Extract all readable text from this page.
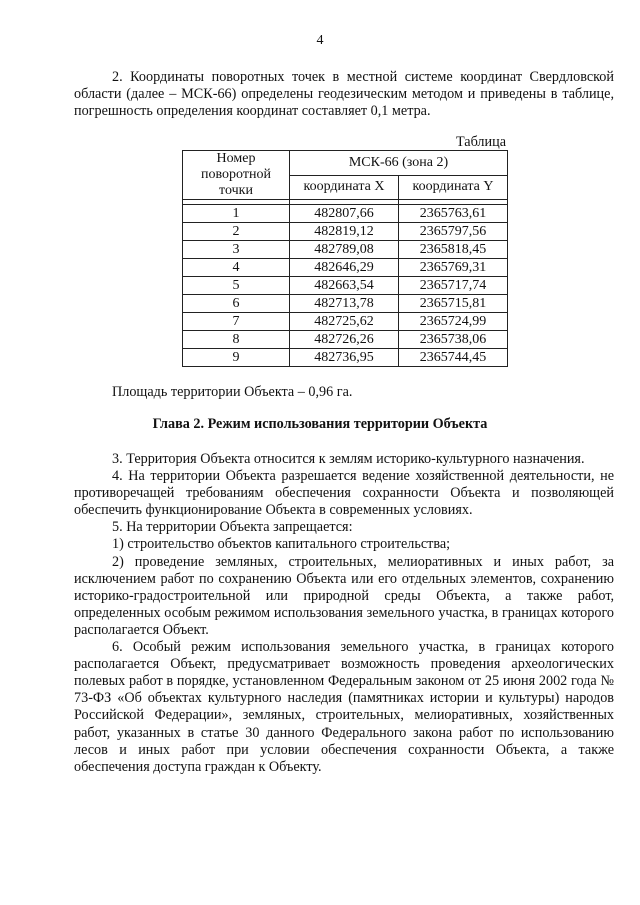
4

2. Координаты поворотных точек в местной системе координат Свердловской области (далее – МСК-66) определены геодезическим методом и приведены в таблице, погрешность определения координат составляет 0,1 метра.

Таблица
Номер поворотной точки	МСК-66 (зона 2)	
	координата X	координата Y

1	482807,66	2365763,61
2	482819,12	2365797,56
3	482789,08	2365818,45
4	482646,29	2365769,31
5	482663,54	2365717,74
6	482713,78	2365715,81
7	482725,62	2365724,99
8	482726,26	2365738,06
9	482736,95	2365744,45
Площадь территории Объекта – 0,96 га.
Глава 2. Режим использования территории Объекта

3. Территория Объекта относится к землям историко-культурного назначения.

4. На территории Объекта разрешается ведение хозяйственной деятельности, не противоречащей требованиям обеспечения сохранности Объекта и позволяющей обеспечить функционирование Объекта в современных условиях.

5. На территории Объекта запрещается:

1) строительство объектов капитального строительства;

2) проведение земляных, строительных, мелиоративных и иных работ, за исключением работ по сохранению Объекта или его отдельных элементов, сохранению историко-градостроительной или природной среды Объекта, а также работ, определенных особым режимом использования земельного участка, в границах которого располагается Объект.

6. Особый режим использования земельного участка, в границах которого располагается Объект, предусматривает возможность проведения археологических полевых работ в порядке, установленном Федеральным законом от 25 июня 2002 года № 73-ФЗ «Об объектах культурного наследия (памятниках истории и культуры) народов Российской Федерации», земляных, строительных, мелиоративных, хозяйственных работ, указанных в статье 30 данного Федерального закона работ по использованию лесов и иных работ при условии обеспечения сохранности Объекта, а также обеспечения доступа граждан к Объекту.
